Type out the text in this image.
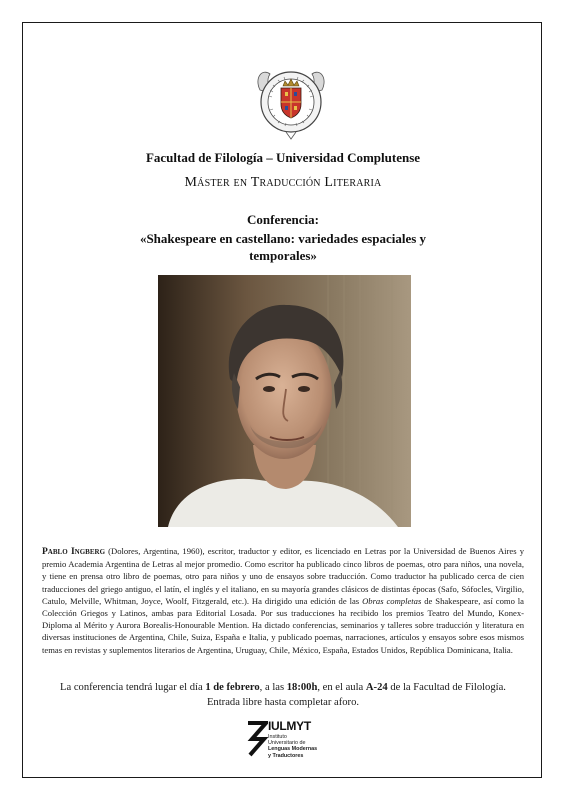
Facultad de Filología – Universidad Complutense
Máster en Traducción Literaria
Conferencia:
«Shakespeare en castellano: variedades espaciales y temporales»
Pablo Ingberg (Dolores, Argentina, 1960), escritor, traductor y editor, es licenciado en Letras por la Universidad de Buenos Aires y premio Academia Argentina de Letras al mejor promedio. Como escritor ha publicado cinco libros de poemas, otro para niños, una novela, y tiene en prensa otro libro de poemas, otro para niños y uno de ensayos sobre traducción. Como traductor ha publicado cerca de cien traducciones del griego antiguo, el latín, el inglés y el italiano, en su mayoría grandes clásicos de distintas épocas (Safo, Sófocles, Virgilio, Catulo, Melville, Whitman, Joyce, Woolf, Fitzgerald, etc.). Ha dirigido una edición de las Obras completas de Shakespeare, así como la Colección Griegos y Latinos, ambas para Editorial Losada. Por sus traducciones ha recibido los premios Teatro del Mundo, Konex-Diploma al Mérito y Aurora Borealis-Honourable Mention. Ha dictado conferencias, seminarios y talleres sobre traducción y literatura en diversas instituciones de Argentina, Chile, Suiza, España e Italia, y publicado poemas, narraciones, artículos y ensayos sobre esos mismos temas en revistas y suplementos literarios de Argentina, Uruguay, Chile, México, España, Estados Unidos, República Dominicana, Italia.
La conferencia tendrá lugar el día 1 de febrero, a las 18:00h, en el aula A-24 de la Facultad de Filología.
Entrada libre hasta completar aforo.
IULMYT
Instituto
Universitario de
Lenguas Modernas
y Traductores
